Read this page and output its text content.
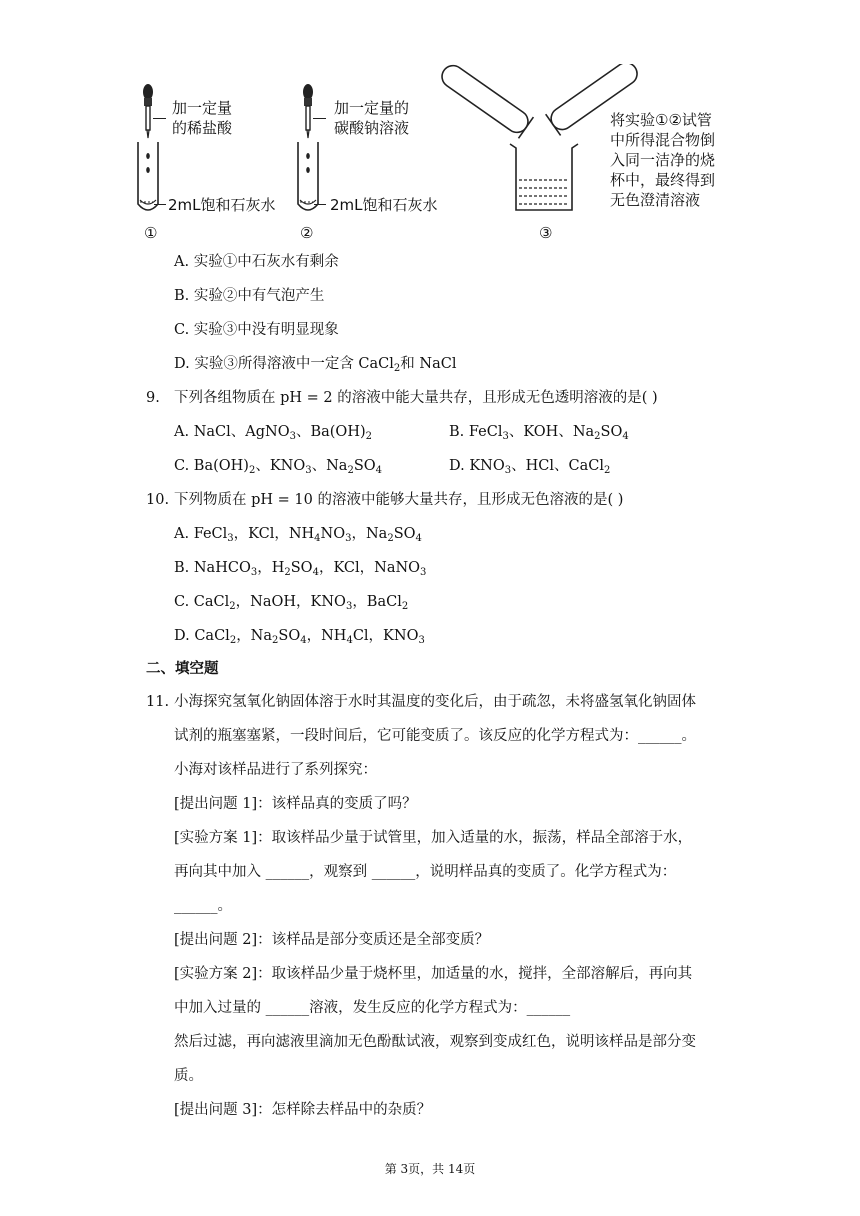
加一定量
的稀盐酸
2mL饱和石灰水
①
加一定量的
碳酸钠溶液
2mL饱和石灰水
②
将实验①②试管
中所得混合物倒
入同一洁净的烧
杯中，最终得到
无色澄清溶液
③
A. 实验①中石灰水有剩余
B. 实验②中有气泡产生
C. 实验③中没有明显现象
D. 实验③所得溶液中一定含 CaCl$_2$和 NaCl
9. 下列各组物质在 pH = 2 的溶液中能大量共存，且形成无色透明溶液的是( )
A. NaCl、AgNO$_3$、$Ba(OH)_2$	B. FeCl$_3$、KOH、$Na_2SO_4$
C. $Ba(OH)_2$、$KNO_3$、$Na_2SO_4$	D. $KNO_3$、HCl、CaCl$_2$
10. 下列物质在 pH = 10 的溶液中能够大量共存，且形成无色溶液的是( )
A. FeCl$_3$，KCl，$NH_4NO_3$，$Na_2SO_4$
B. NaHCO$_3$，$H_2SO_4$，KCl，NaNO$_3$
C. CaCl$_2$，NaOH，$KNO_3$，BaCl$_2$
D. CaCl$_2$，$Na_2SO_4$，$NH_4Cl$，$KNO_3$
二、填空题
11. 小海探究氢氧化钠固体溶于水时其温度的变化后，由于疏忽，未将盛氢氧化钠固体
试剂的瓶塞塞紧，一段时间后，它可能变质了。该反应的化学方程式为：______。
小海对该样品进行了系列探究：
[提出问题 1]：该样品真的变质了吗？
[实验方案 1]：取该样品少量于试管里，加入适量的水，振荡，样品全部溶于水，
再向其中加入 ______，观察到 ______，说明样品真的变质了。化学方程式为：
______。
[提出问题 2]：该样品是部分变质还是全部变质？
[实验方案 2]：取该样品少量于烧杯里，加适量的水，搅拌，全部溶解后，再向其
中加入过量的 ______溶液，发生反应的化学方程式为：______
然后过滤，再向滤液里滴加无色酚酞试液，观察到变成红色，说明该样品是部分变
质。
[提出问题 3]：怎样除去样品中的杂质？
第 3页，共 14页
